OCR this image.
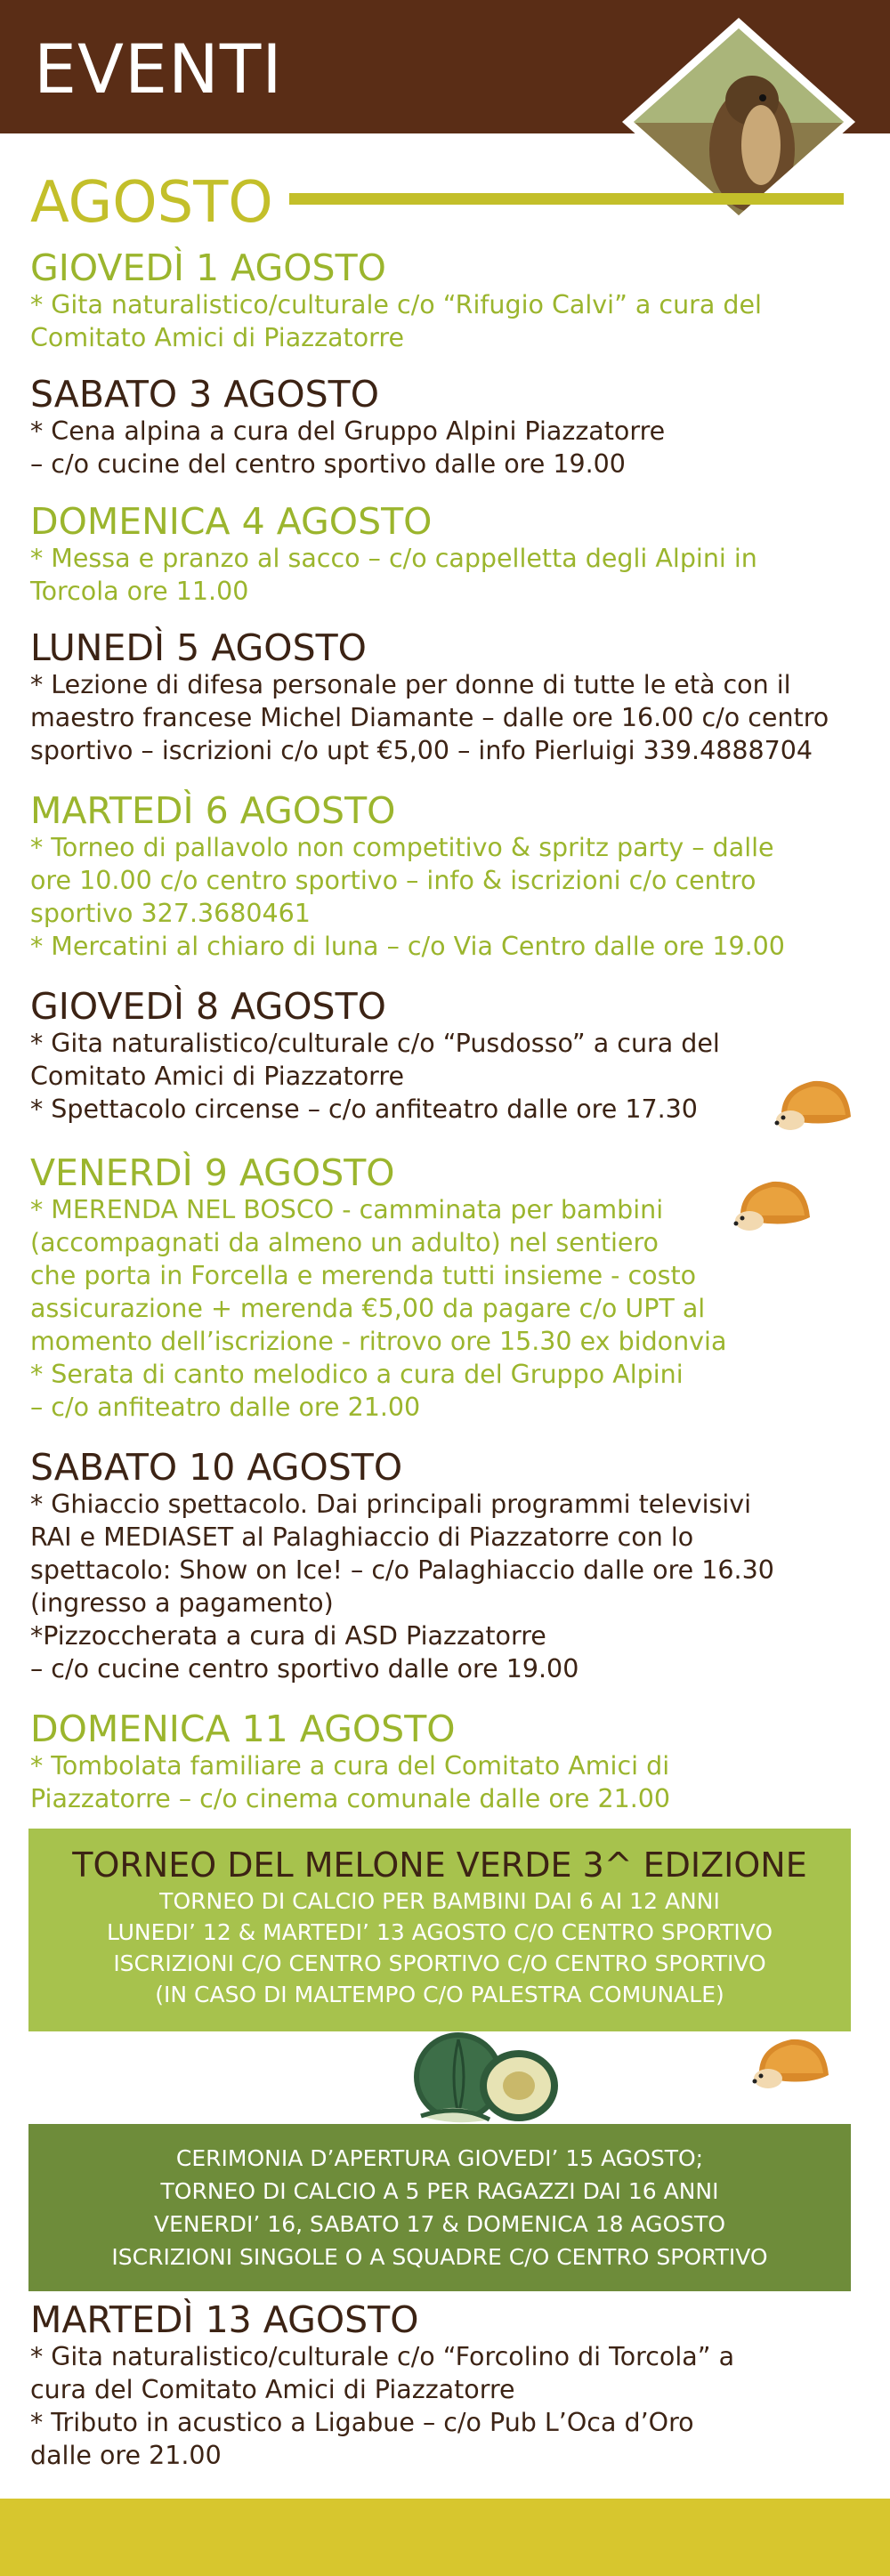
EVENTI
AGOSTO
GIOVEDÌ 1 AGOSTO
* Gita naturalistico/culturale c/o “Rifugio Calvi” a cura del
Comitato Amici di Piazzatorre
SABATO 3 AGOSTO
* Cena alpina a cura del Gruppo Alpini Piazzatorre
– c/o cucine del centro sportivo dalle ore 19.00
DOMENICA 4 AGOSTO
* Messa e pranzo al sacco – c/o cappelletta degli Alpini in
Torcola ore 11.00
LUNEDÌ 5 AGOSTO
* Lezione di difesa personale per donne di tutte le età con il
maestro francese Michel Diamante – dalle ore 16.00 c/o centro
sportivo – iscrizioni c/o upt €5,00 – info Pierluigi 339.4888704
MARTEDÌ 6 AGOSTO
* Torneo di pallavolo non competitivo & spritz party – dalle
ore 10.00 c/o centro sportivo – info & iscrizioni c/o centro
sportivo 327.3680461
* Mercatini al chiaro di luna – c/o Via Centro dalle ore 19.00
GIOVEDÌ 8 AGOSTO
* Gita naturalistico/culturale c/o “Pusdosso” a cura del
Comitato Amici di Piazzatorre
* Spettacolo circense – c/o anfiteatro dalle ore 17.30
VENERDÌ 9 AGOSTO
* MERENDA NEL BOSCO - camminata per bambini
(accompagnati da almeno un adulto) nel sentiero
che porta in Forcella e merenda tutti insieme - costo
assicurazione + merenda €5,00 da pagare c/o UPT al
momento dell’iscrizione - ritrovo ore 15.30 ex bidonvia
* Serata di canto melodico a cura del Gruppo Alpini
– c/o anfiteatro dalle ore 21.00
SABATO 10 AGOSTO
* Ghiaccio spettacolo. Dai principali programmi televisivi
RAI e MEDIASET al Palaghiaccio di Piazzatorre con lo
spettacolo: Show on Ice! – c/o Palaghiaccio dalle ore 16.30
(ingresso a pagamento)
*Pizzoccherata a cura di ASD Piazzatorre
– c/o cucine centro sportivo dalle ore 19.00
DOMENICA 11 AGOSTO
* Tombolata familiare a cura del Comitato Amici di
Piazzatorre – c/o cinema comunale dalle ore 21.00
TORNEO DEL MELONE VERDE 3^ EDIZIONE
TORNEO DI CALCIO PER BAMBINI DAI 6 AI 12 ANNI
LUNEDI’ 12 & MARTEDI’ 13 AGOSTO C/O CENTRO SPORTIVO
ISCRIZIONI C/O CENTRO SPORTIVO C/O CENTRO SPORTIVO
(IN CASO DI MALTEMPO C/O PALESTRA COMUNALE)
CERIMONIA D’APERTURA GIOVEDI’ 15 AGOSTO;
TORNEO DI CALCIO A 5 PER RAGAZZI DAI 16 ANNI
VENERDI’ 16, SABATO 17 & DOMENICA 18 AGOSTO
ISCRIZIONI SINGOLE O A SQUADRE C/O CENTRO SPORTIVO
MARTEDÌ 13 AGOSTO
* Gita naturalistico/culturale c/o “Forcolino di Torcola” a
cura del Comitato Amici di Piazzatorre
* Tributo in acustico a Ligabue – c/o Pub L’Oca d’Oro
dalle ore 21.00
